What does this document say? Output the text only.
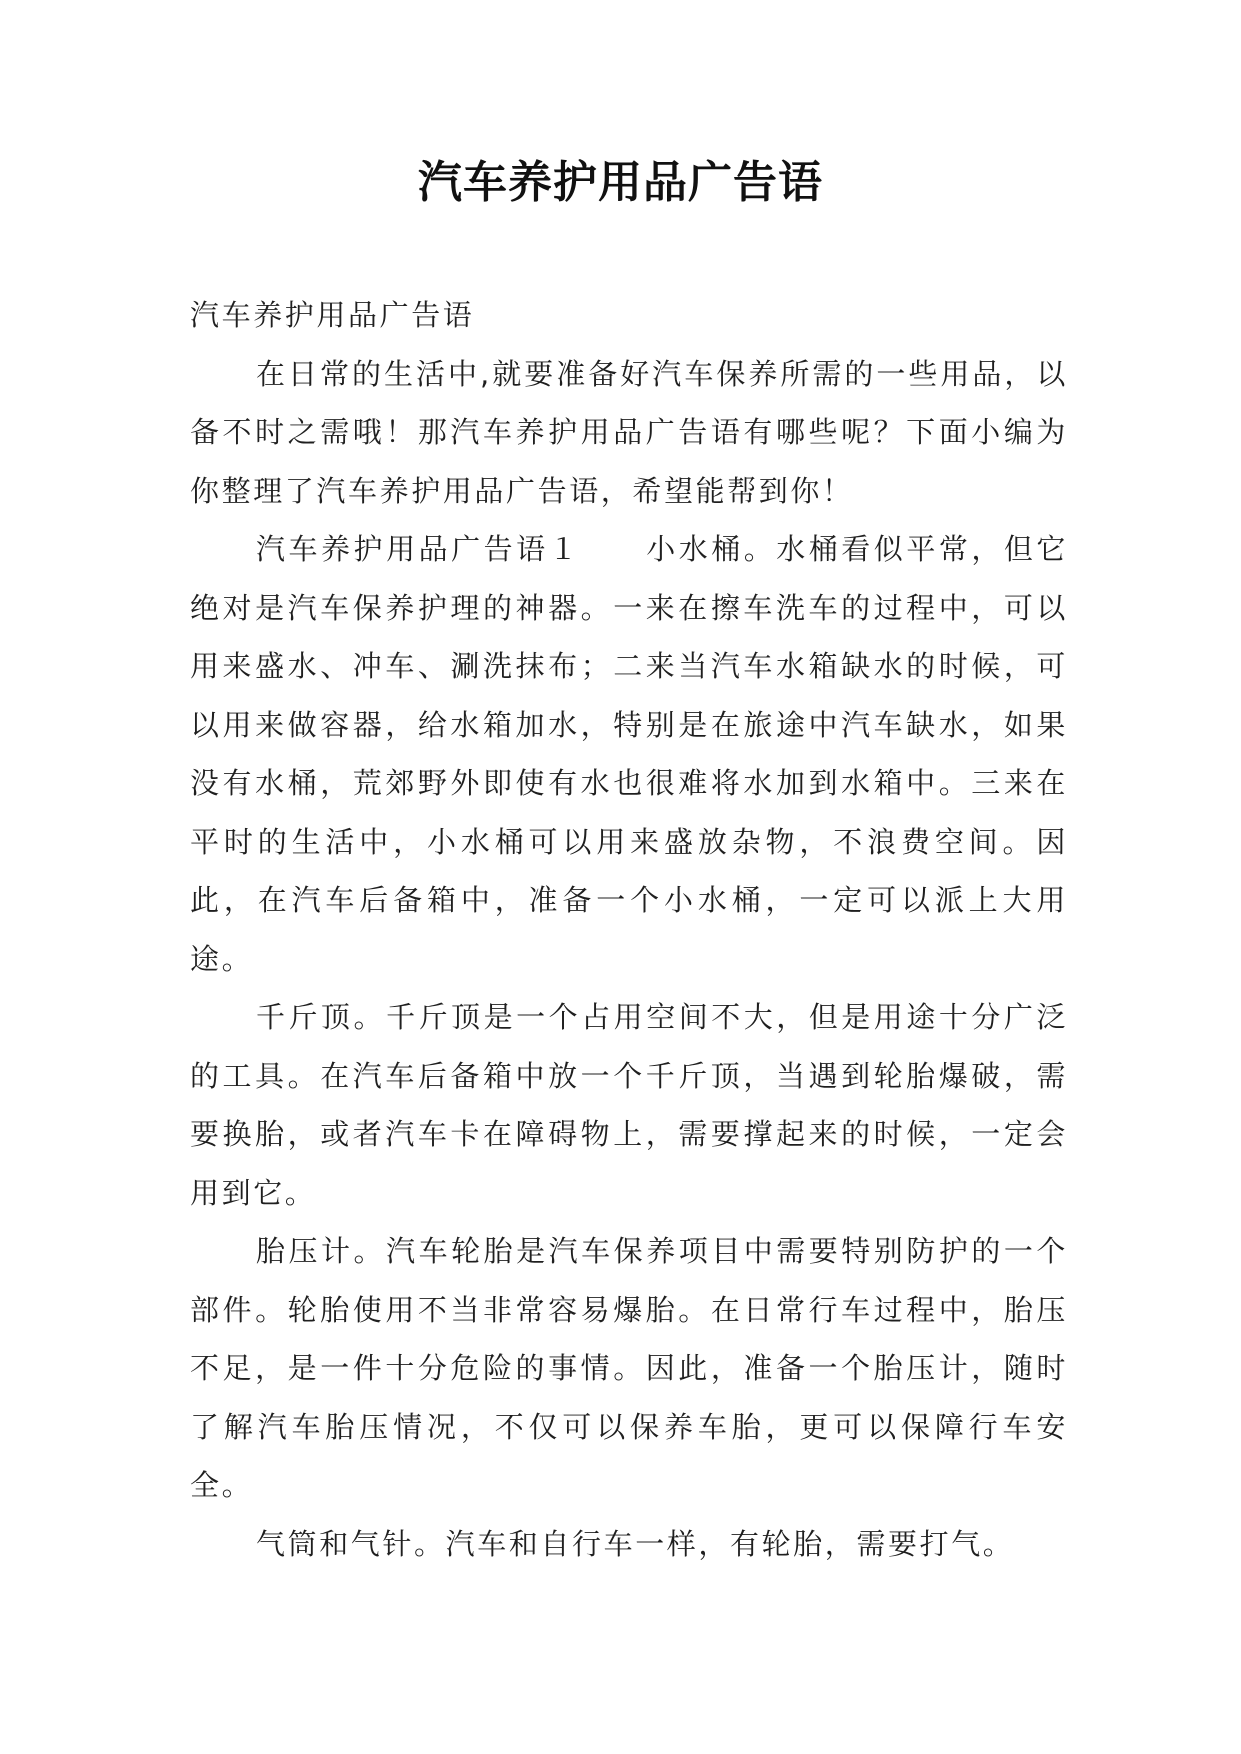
汽车养护用品广告语

汽车养护用品广告语

在日常的生活中,就要准备好汽车保养所需的一些用品，以备不时之需哦！那汽车养护用品广告语有哪些呢？下面小编为你整理了汽车养护用品广告语，希望能帮到你！

汽车养护用品广告语１　　小水桶。水桶看似平常，但它绝对是汽车保养护理的神器。一来在擦车洗车的过程中，可以用来盛水、冲车、涮洗抹布；二来当汽车水箱缺水的时候，可以用来做容器，给水箱加水，特别是在旅途中汽车缺水，如果没有水桶，荒郊野外即使有水也很难将水加到水箱中。三来在平时的生活中，小水桶可以用来盛放杂物，不浪费空间。因此，在汽车后备箱中，准备一个小水桶，一定可以派上大用途。

千斤顶。千斤顶是一个占用空间不大，但是用途十分广泛的工具。在汽车后备箱中放一个千斤顶，当遇到轮胎爆破，需要换胎，或者汽车卡在障碍物上，需要撑起来的时候，一定会用到它。

胎压计。汽车轮胎是汽车保养项目中需要特别防护的一个部件。轮胎使用不当非常容易爆胎。在日常行车过程中，胎压不足，是一件十分危险的事情。因此，准备一个胎压计，随时了解汽车胎压情况，不仅可以保养车胎，更可以保障行车安全。

气筒和气针。汽车和自行车一样，有轮胎，需要打气。
